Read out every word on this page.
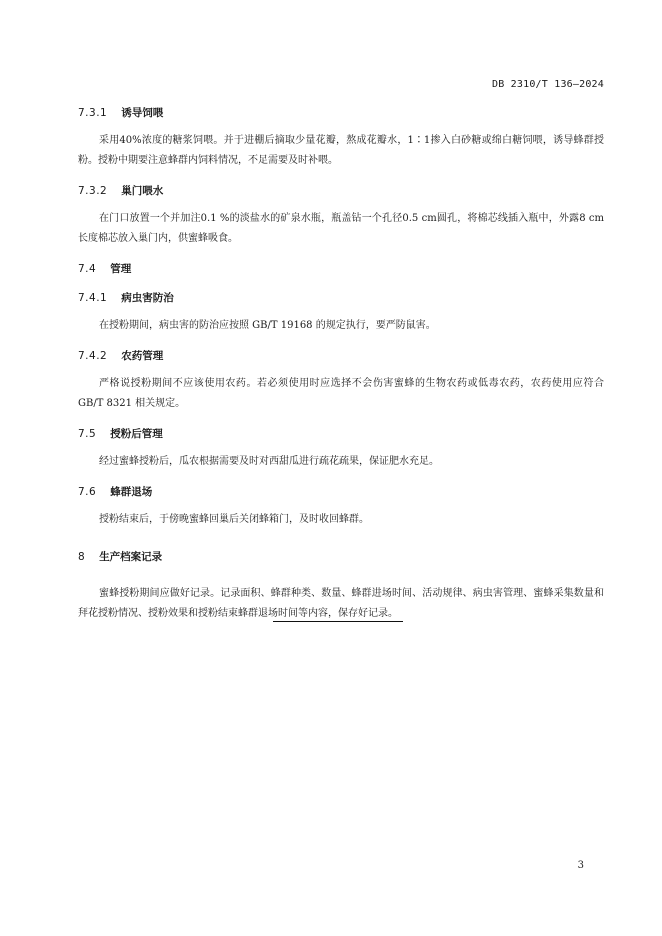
DB 2310/T 136—2024
7.3.1 诱导饲喂

采用40%浓度的糖浆饲喂。并于进棚后摘取少量花瓣，熬成花瓣水，1∶1掺入白砂糖或绵白糖饲喂，诱导蜂群授粉。授粉中期要注意蜂群内饲料情况，不足需要及时补喂。

7.3.2 巢门喂水

在门口放置一个并加注0.1 %的淡盐水的矿泉水瓶，瓶盖钻一个孔径0.5 cm圆孔，将棉芯线插入瓶中，外露8 cm长度棉芯放入巢门内，供蜜蜂吸食。

7.4 管理
7.4.1 病虫害防治

在授粉期间，病虫害的防治应按照 GB/T 19168 的规定执行，要严防鼠害。

7.4.2 农药管理

严格说授粉期间不应该使用农药。若必须使用时应选择不会伤害蜜蜂的生物农药或低毒农药，农药使用应符合 GB/T 8321 相关规定。

7.5 授粉后管理

经过蜜蜂授粉后，瓜农根据需要及时对西甜瓜进行疏花疏果，保证肥水充足。

7.6 蜂群退场

授粉结束后，于傍晚蜜蜂回巢后关闭蜂箱门，及时收回蜂群。

8 生产档案记录

蜜蜂授粉期间应做好记录。记录面积、蜂群种类、数量、蜂群进场时间、活动规律、病虫害管理、蜜蜂采集数量和拜花授粉情况、授粉效果和授粉结束蜂群退场时间等内容，保存好记录。

3
